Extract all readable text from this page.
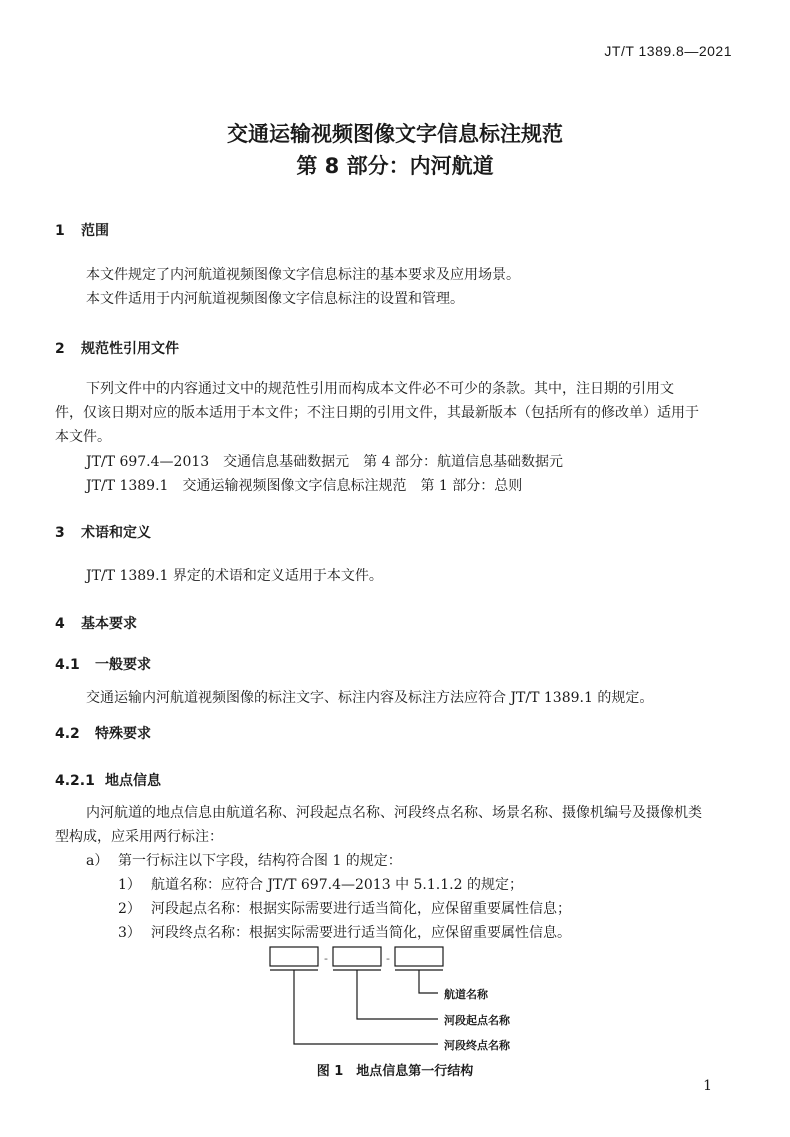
JT/T 1389.8—2021
交通运输视频图像文字信息标注规范
第 8 部分：内河航道
1 范围
本文件规定了内河航道视频图像文字信息标注的基本要求及应用场景。
本文件适用于内河航道视频图像文字信息标注的设置和管理。
2 规范性引用文件
下列文件中的内容通过文中的规范性引用而构成本文件必不可少的条款。其中，注日期的引用文
件，仅该日期对应的版本适用于本文件；不注日期的引用文件，其最新版本（包括所有的修改单）适用于
本文件。
JT/T 697.4—2013　交通信息基础数据元　第 4 部分：航道信息基础数据元
JT/T 1389.1　交通运输视频图像文字信息标注规范　第 1 部分：总则
3 术语和定义
JT/T 1389.1 界定的术语和定义适用于本文件。
4 基本要求
4.1 一般要求
交通运输内河航道视频图像的标注文字、标注内容及标注方法应符合 JT/T 1389.1 的规定。
4.2 特殊要求
4.2.1 地点信息
内河航道的地点信息由航道名称、河段起点名称、河段终点名称、场景名称、摄像机编号及摄像机类
型构成，应采用两行标注：
a） 第一行标注以下字段，结构符合图 1 的规定：
1） 航道名称：应符合 JT/T 697.4—2013 中 5.1.1.2 的规定；
2） 河段起点名称：根据实际需要进行适当简化，应保留重要属性信息；
3） 河段终点名称：根据实际需要进行适当简化，应保留重要属性信息。
-	-
航道名称
河段起点名称
河段终点名称
图 1　地点信息第一行结构
1
